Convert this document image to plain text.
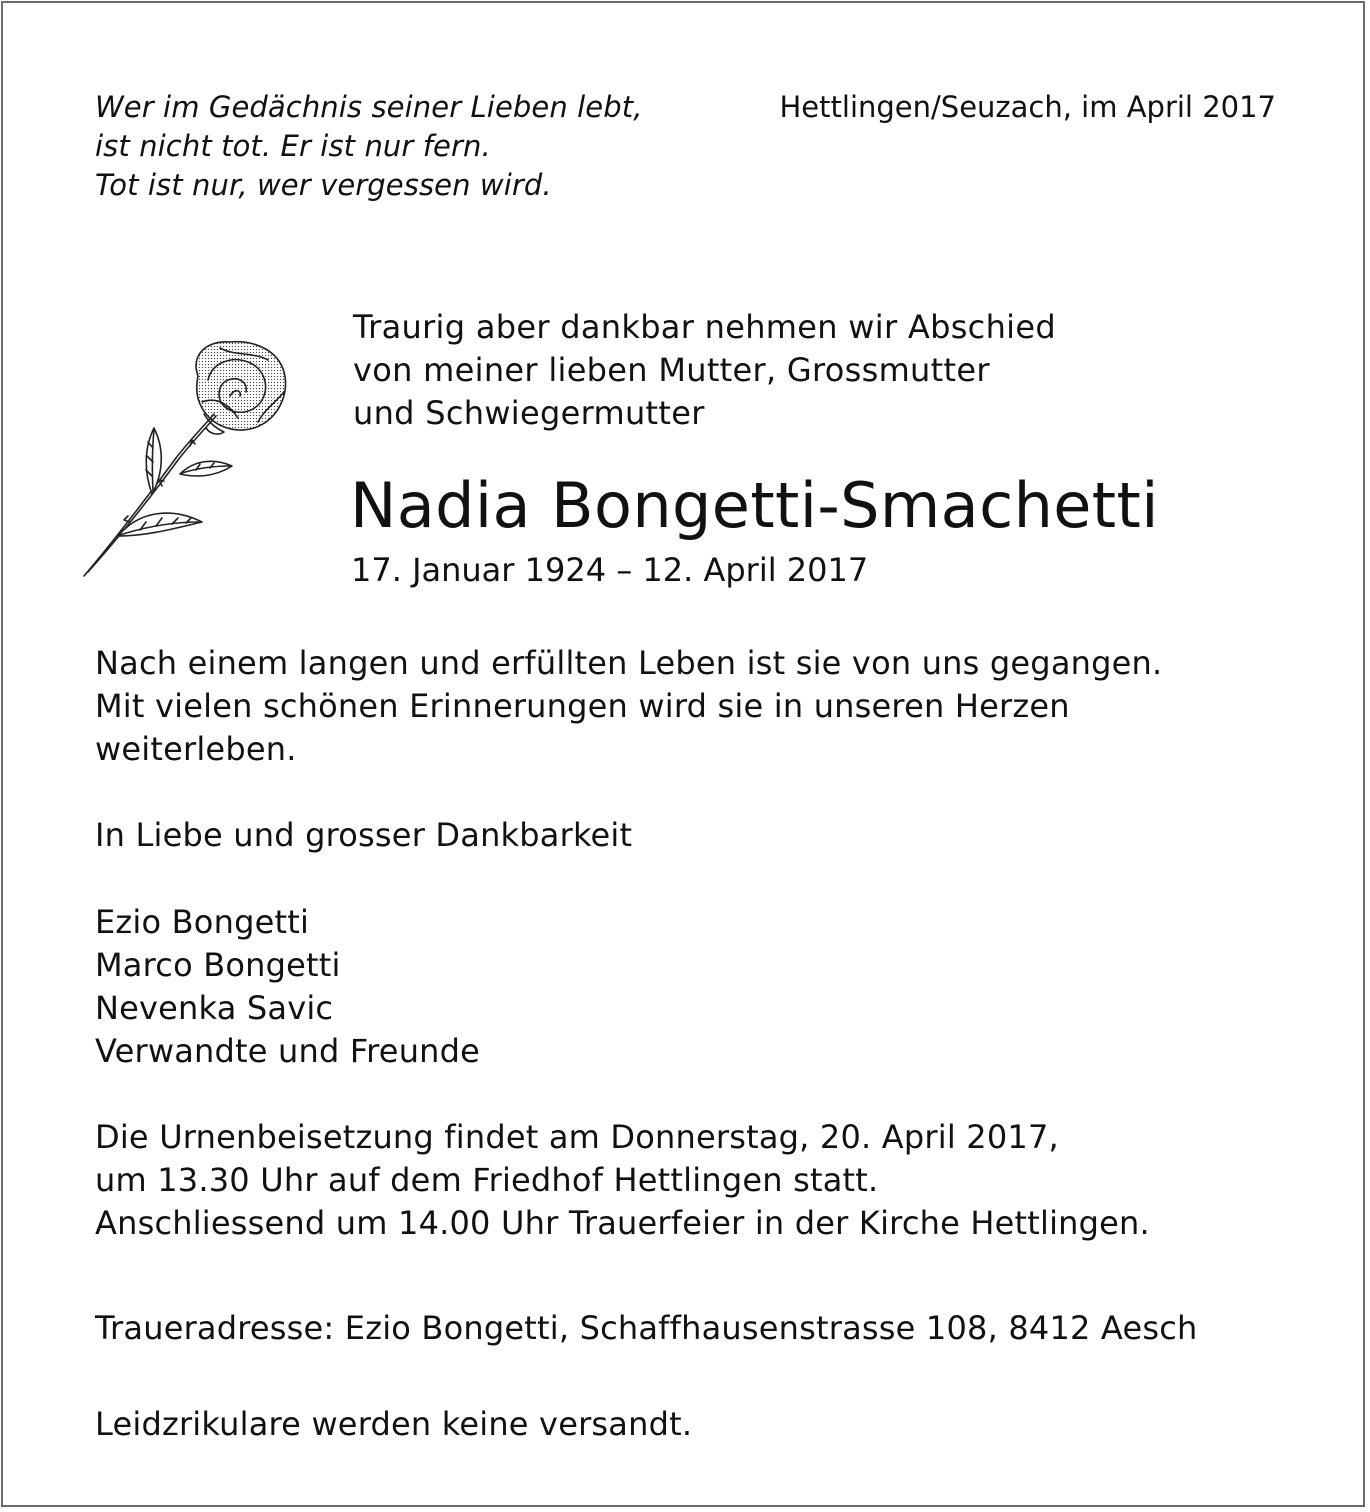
Wer im Gedächnis seiner Lieben lebt,
ist nicht tot. Er ist nur fern.
Tot ist nur, wer vergessen wird.
Hettlingen/Seuzach, im April 2017
Traurig aber dankbar nehmen wir Abschied
von meiner lieben Mutter, Grossmutter
und Schwiegermutter
Nadia Bongetti-Smachetti
17. Januar 1924 – 12. April 2017
Nach einem langen und erfüllten Leben ist sie von uns gegangen.
Mit vielen schönen Erinnerungen wird sie in unseren Herzen
weiterleben.
In Liebe und grosser Dankbarkeit
Ezio Bongetti
Marco Bongetti
Nevenka Savic
Verwandte und Freunde
Die Urnenbeisetzung findet am Donnerstag, 20. April 2017,
um 13.30 Uhr auf dem Friedhof Hettlingen statt.
Anschliessend um 14.00 Uhr Trauerfeier in der Kirche Hettlingen.
Traueradresse: Ezio Bongetti, Schaffhausenstrasse 108, 8412 Aesch
Leidzrikulare werden keine versandt.
